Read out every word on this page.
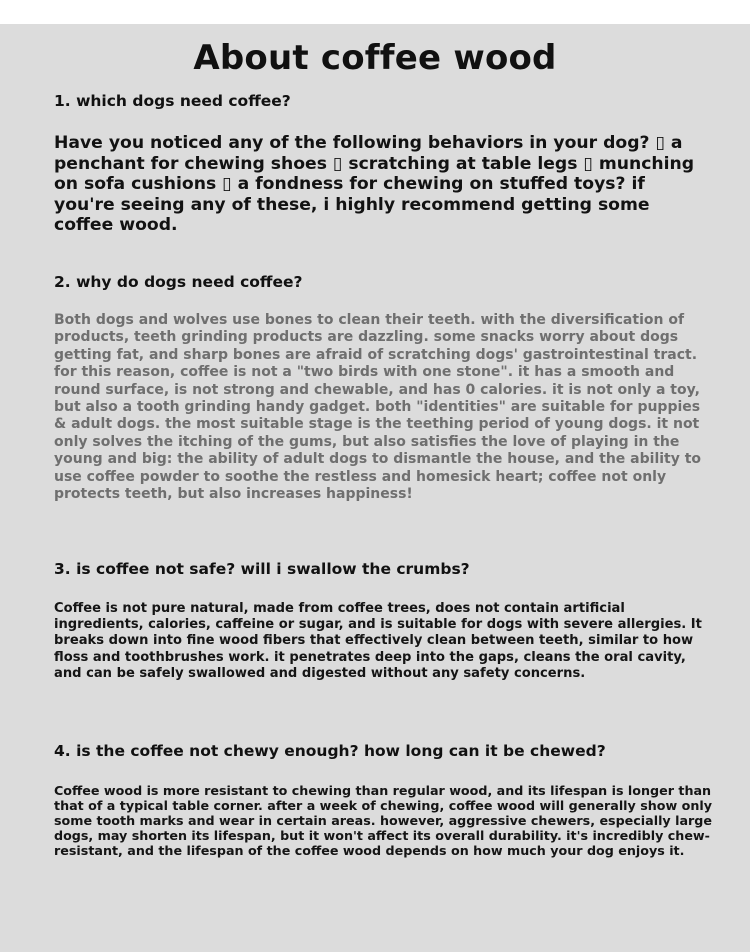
About coffee wood

1. which dogs need coffee?

Have you noticed any of the following behaviors in your dog? ▯ a penchant for chewing shoes ▯ scratching at table legs ▯ munching on sofa cushions ▯ a fondness for chewing on stuffed toys? if you're seeing any of these, i highly recommend getting some coffee wood.

2. why do dogs need coffee?

Both dogs and wolves use bones to clean their teeth. with the diversification of products, teeth grinding products are dazzling. some snacks worry about dogs getting fat, and sharp bones are afraid of scratching dogs' gastrointestinal tract. for this reason, coffee is not a "two birds with one stone". it has a smooth and round surface, is not strong and chewable, and has 0 calories. it is not only a toy, but also a tooth grinding handy gadget. both "identities" are suitable for puppies & adult dogs. the most suitable stage is the teething period of young dogs. it not only solves the itching of the gums, but also satisfies the love of playing in the young and big: the ability of adult dogs to dismantle the house, and the ability to use coffee powder to soothe the restless and homesick heart; coffee not only protects teeth, but also increases happiness!

3. is coffee not safe? will i swallow the crumbs?

Coffee is not pure natural, made from coffee trees, does not contain artificial ingredients, calories, caffeine or sugar, and is suitable for dogs with severe allergies. It breaks down into fine wood fibers that effectively clean between teeth, similar to how floss and toothbrushes work. it penetrates deep into the gaps, cleans the oral cavity, and can be safely swallowed and digested without any safety concerns.

4. is the coffee not chewy enough? how long can it be chewed?

Coffee wood is more resistant to chewing than regular wood, and its lifespan is longer than that of a typical table corner. after a week of chewing, coffee wood will generally show only some tooth marks and wear in certain areas. however, aggressive chewers, especially large dogs, may shorten its lifespan, but it won't affect its overall durability. it's incredibly chew-resistant, and the lifespan of the coffee wood depends on how much your dog enjoys it.
